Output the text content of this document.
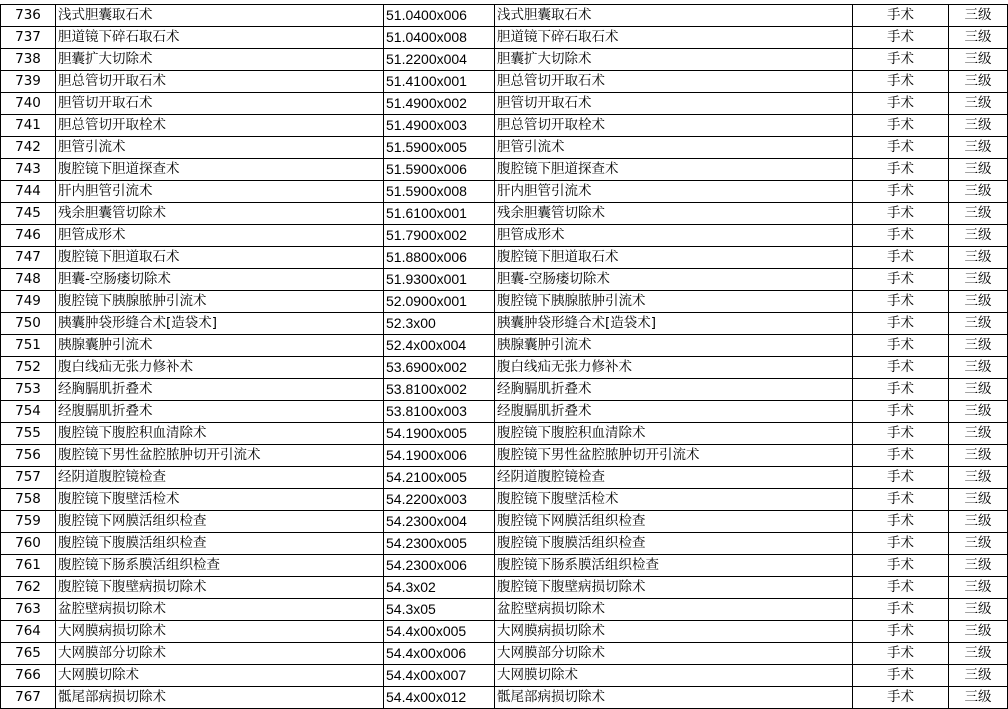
736	浅式胆囊取石术	51.0400x006	浅式胆囊取石术	手术	三级
737	胆道镜下碎石取石术	51.0400x008	胆道镜下碎石取石术	手术	三级
738	胆囊扩大切除术	51.2200x004	胆囊扩大切除术	手术	三级
739	胆总管切开取石术	51.4100x001	胆总管切开取石术	手术	三级
740	胆管切开取石术	51.4900x002	胆管切开取石术	手术	三级
741	胆总管切开取栓术	51.4900x003	胆总管切开取栓术	手术	三级
742	胆管引流术	51.5900x005	胆管引流术	手术	三级
743	腹腔镜下胆道探查术	51.5900x006	腹腔镜下胆道探查术	手术	三级
744	肝内胆管引流术	51.5900x008	肝内胆管引流术	手术	三级
745	残余胆囊管切除术	51.6100x001	残余胆囊管切除术	手术	三级
746	胆管成形术	51.7900x002	胆管成形术	手术	三级
747	腹腔镜下胆道取石术	51.8800x006	腹腔镜下胆道取石术	手术	三级
748	胆囊-空肠瘘切除术	51.9300x001	胆囊-空肠瘘切除术	手术	三级
749	腹腔镜下胰腺脓肿引流术	52.0900x001	腹腔镜下胰腺脓肿引流术	手术	三级
750	胰囊肿袋形缝合术[造袋术]	52.3x00	胰囊肿袋形缝合术[造袋术]	手术	三级
751	胰腺囊肿引流术	52.4x00x004	胰腺囊肿引流术	手术	三级
752	腹白线疝无张力修补术	53.6900x002	腹白线疝无张力修补术	手术	三级
753	经胸膈肌折叠术	53.8100x002	经胸膈肌折叠术	手术	三级
754	经腹膈肌折叠术	53.8100x003	经腹膈肌折叠术	手术	三级
755	腹腔镜下腹腔积血清除术	54.1900x005	腹腔镜下腹腔积血清除术	手术	三级
756	腹腔镜下男性盆腔脓肿切开引流术	54.1900x006	腹腔镜下男性盆腔脓肿切开引流术	手术	三级
757	经阴道腹腔镜检查	54.2100x005	经阴道腹腔镜检查	手术	三级
758	腹腔镜下腹壁活检术	54.2200x003	腹腔镜下腹壁活检术	手术	三级
759	腹腔镜下网膜活组织检查	54.2300x004	腹腔镜下网膜活组织检查	手术	三级
760	腹腔镜下腹膜活组织检查	54.2300x005	腹腔镜下腹膜活组织检查	手术	三级
761	腹腔镜下肠系膜活组织检查	54.2300x006	腹腔镜下肠系膜活组织检查	手术	三级
762	腹腔镜下腹壁病损切除术	54.3x02	腹腔镜下腹壁病损切除术	手术	三级
763	盆腔壁病损切除术	54.3x05	盆腔壁病损切除术	手术	三级
764	大网膜病损切除术	54.4x00x005	大网膜病损切除术	手术	三级
765	大网膜部分切除术	54.4x00x006	大网膜部分切除术	手术	三级
766	大网膜切除术	54.4x00x007	大网膜切除术	手术	三级
767	骶尾部病损切除术	54.4x00x012	骶尾部病损切除术	手术	三级
